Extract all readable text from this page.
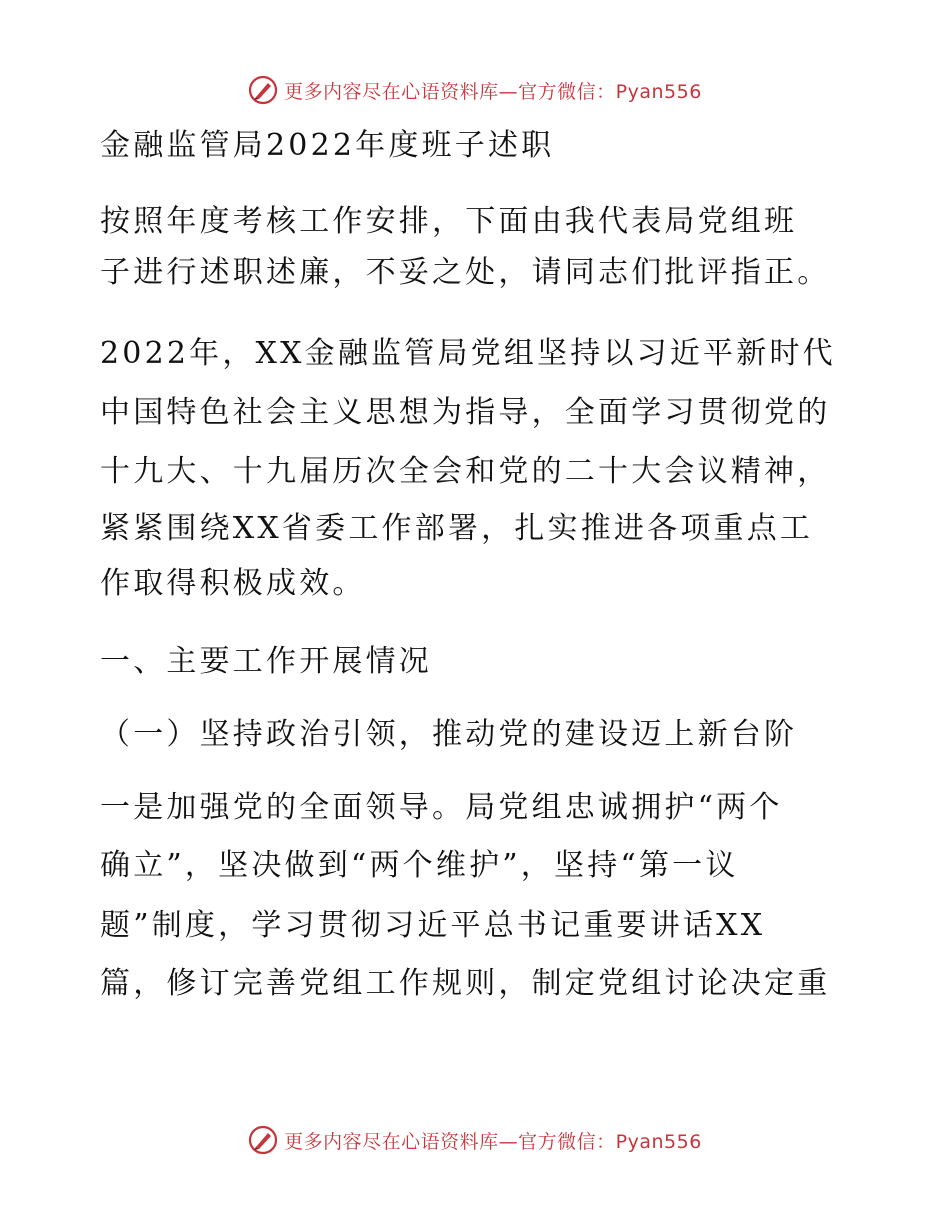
更多内容尽在心语资料库—官方微信：Pyan556
金融监管局2022年度班子述职
按照年度考核工作安排，下面由我代表局党组班
子进行述职述廉，不妥之处，请同志们批评指正。
2022年，XX金融监管局党组坚持以习近平新时代
中国特色社会主义思想为指导，全面学习贯彻党的
十九大、十九届历次全会和党的二十大会议精神，
紧紧围绕XX省委工作部署，扎实推进各项重点工
作取得积极成效。
一、主要工作开展情况
（一）坚持政治引领，推动党的建设迈上新台阶
一是加强党的全面领导。局党组忠诚拥护“两个
确立”，坚决做到“两个维护”，坚持“第一议
题”制度，学习贯彻习近平总书记重要讲话XX
篇，修订完善党组工作规则，制定党组讨论决定重
更多内容尽在心语资料库—官方微信：Pyan556
